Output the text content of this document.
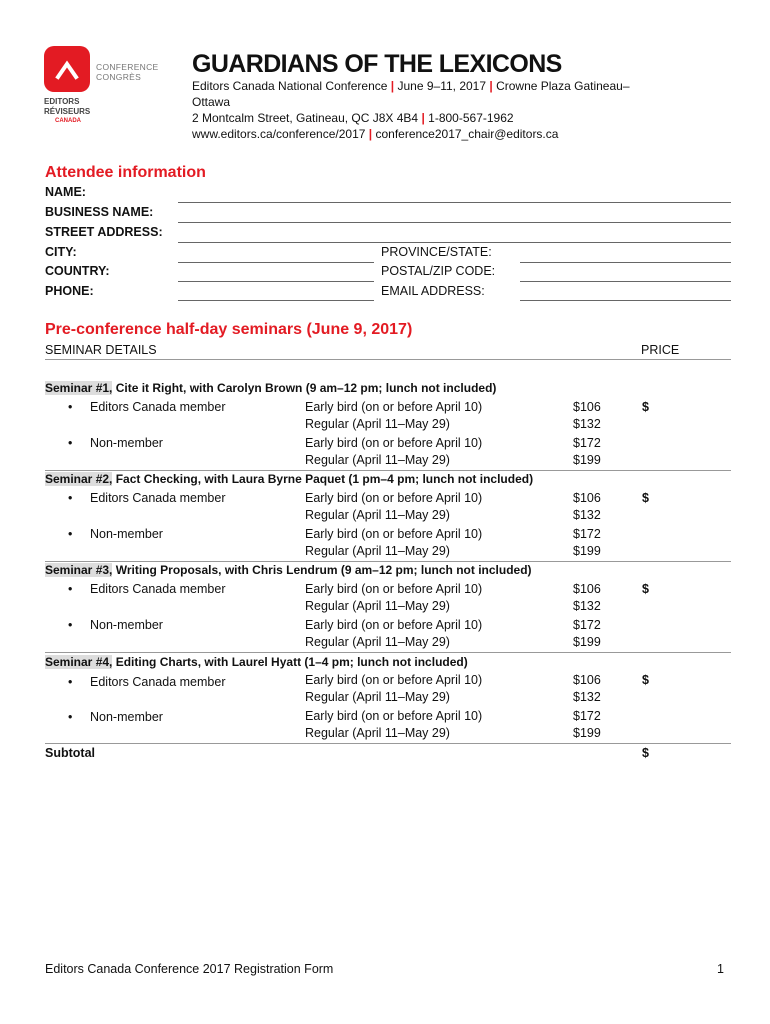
CONFERENCE
CONGRÈS
EDITORS
RÉVISEURS
CANADA
GUARDIANS OF THE LEXICONS
Editors Canada National Conference | June 9–11, 2017 | Crowne Plaza Gatineau–
Ottawa
2 Montcalm Street, Gatineau, QC J8X 4B4 | 1-800-567-1962
www.editors.ca/conference/2017 | conference2017_chair@editors.ca
Attendee information
NAME:
BUSINESS NAME:
STREET ADDRESS:
CITY:	PROVINCE/STATE:
COUNTRY:	POSTAL/ZIP CODE:
PHONE:	EMAIL ADDRESS:
Pre-conference half-day seminars (June 9, 2017)
SEMINAR DETAILS	PRICE
Seminar #1, Cite it Right, with Carolyn Brown (9 am–12 pm; lunch not included)
• Editors Canada member	Early bird (on or before April 10)	$106	$
Regular (April 11–May 29)	$132
• Non-member	Early bird (on or before April 10)	$172
Regular (April 11–May 29)	$199
Seminar #2, Fact Checking, with Laura Byrne Paquet (1 pm–4 pm; lunch not included)
• Editors Canada member	Early bird (on or before April 10)	$106	$
Regular (April 11–May 29)	$132
• Non-member	Early bird (on or before April 10)	$172
Regular (April 11–May 29)	$199
Seminar #3, Writing Proposals, with Chris Lendrum (9 am–12 pm; lunch not included)
• Editors Canada member	Early bird (on or before April 10)	$106	$
Regular (April 11–May 29)	$132
• Non-member	Early bird (on or before April 10)	$172
Regular (April 11–May 29)	$199
Seminar #4, Editing Charts, with Laurel Hyatt (1–4 pm; lunch not included)
• Editors Canada member	Early bird (on or before April 10)	$106	$
Regular (April 11–May 29)	$132
• Non-member	Early bird (on or before April 10)	$172
Regular (April 11–May 29)	$199
Subtotal	$
Editors Canada Conference 2017 Registration Form	1
